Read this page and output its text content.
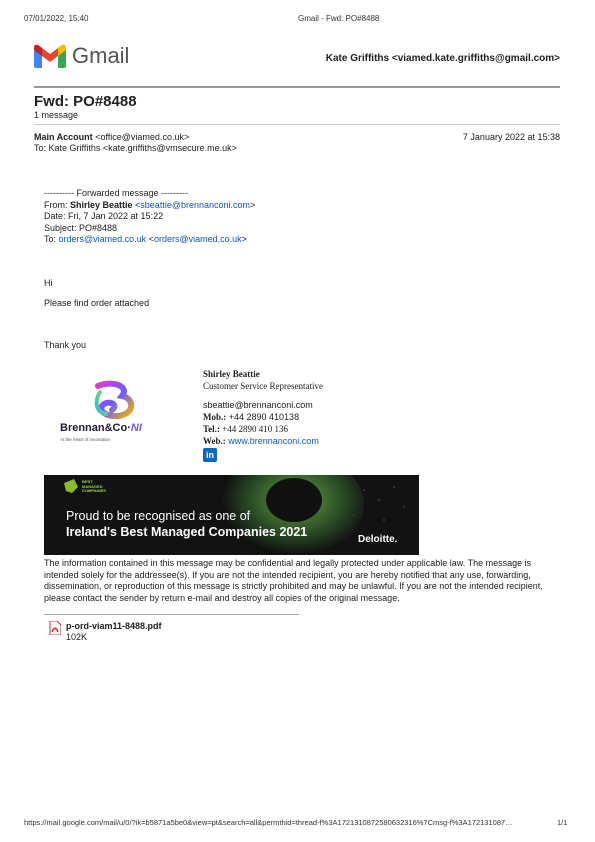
07/01/2022, 15:40	Gmail - Fwd: PO#8488
Gmail	Kate Griffiths <viamed.kate.griffiths@gmail.com>
Fwd: PO#8488
1 message
Main Account <office@viamed.co.uk>	7 January 2022 at 15:38
To: Kate Griffiths <kate.griffiths@vmsecure.me.uk>
---------- Forwarded message ---------
From: Shirley Beattie <sbeattie@brennanconi.com>
Date: Fri, 7 Jan 2022 at 15:22
Subject: PO#8488
To: orders@viamed.co.uk <orders@viamed.co.uk>
Hi
Please find order attached
Thank you
Brennan&Co·NI
At the heart of innovation
Shirley Beattie
Customer Service Representative
sbeattie@brennanconi.com
Mob.: +44 2890 410138
Tel.: +44 2890 410 136
Web.: www.brennanconi.com
in
BEST
MANAGED
COMPANIES
Proud to be recognised as one of
Ireland's Best Managed Companies 2021
Deloitte.
The information contained in this message may be confidential and legally protected under applicable law. The message is intended solely for the addressee(s). If you are not the intended recipient, you are hereby notified that any use, forwarding, dissemination, or reproduction of this message is strictly prohibited and may be unlawful. If you are not the intended recipient, please contact the sender by return e-mail and destroy all copies of the original message.
p-ord-viam11-8488.pdf
102K
https://mail.google.com/mail/u/0/?ik=b5871a5be0&view=pt&search=all&permthid=thread-f%3A1721310872580632316%7Cmsg-f%3A172131087…	1/1
